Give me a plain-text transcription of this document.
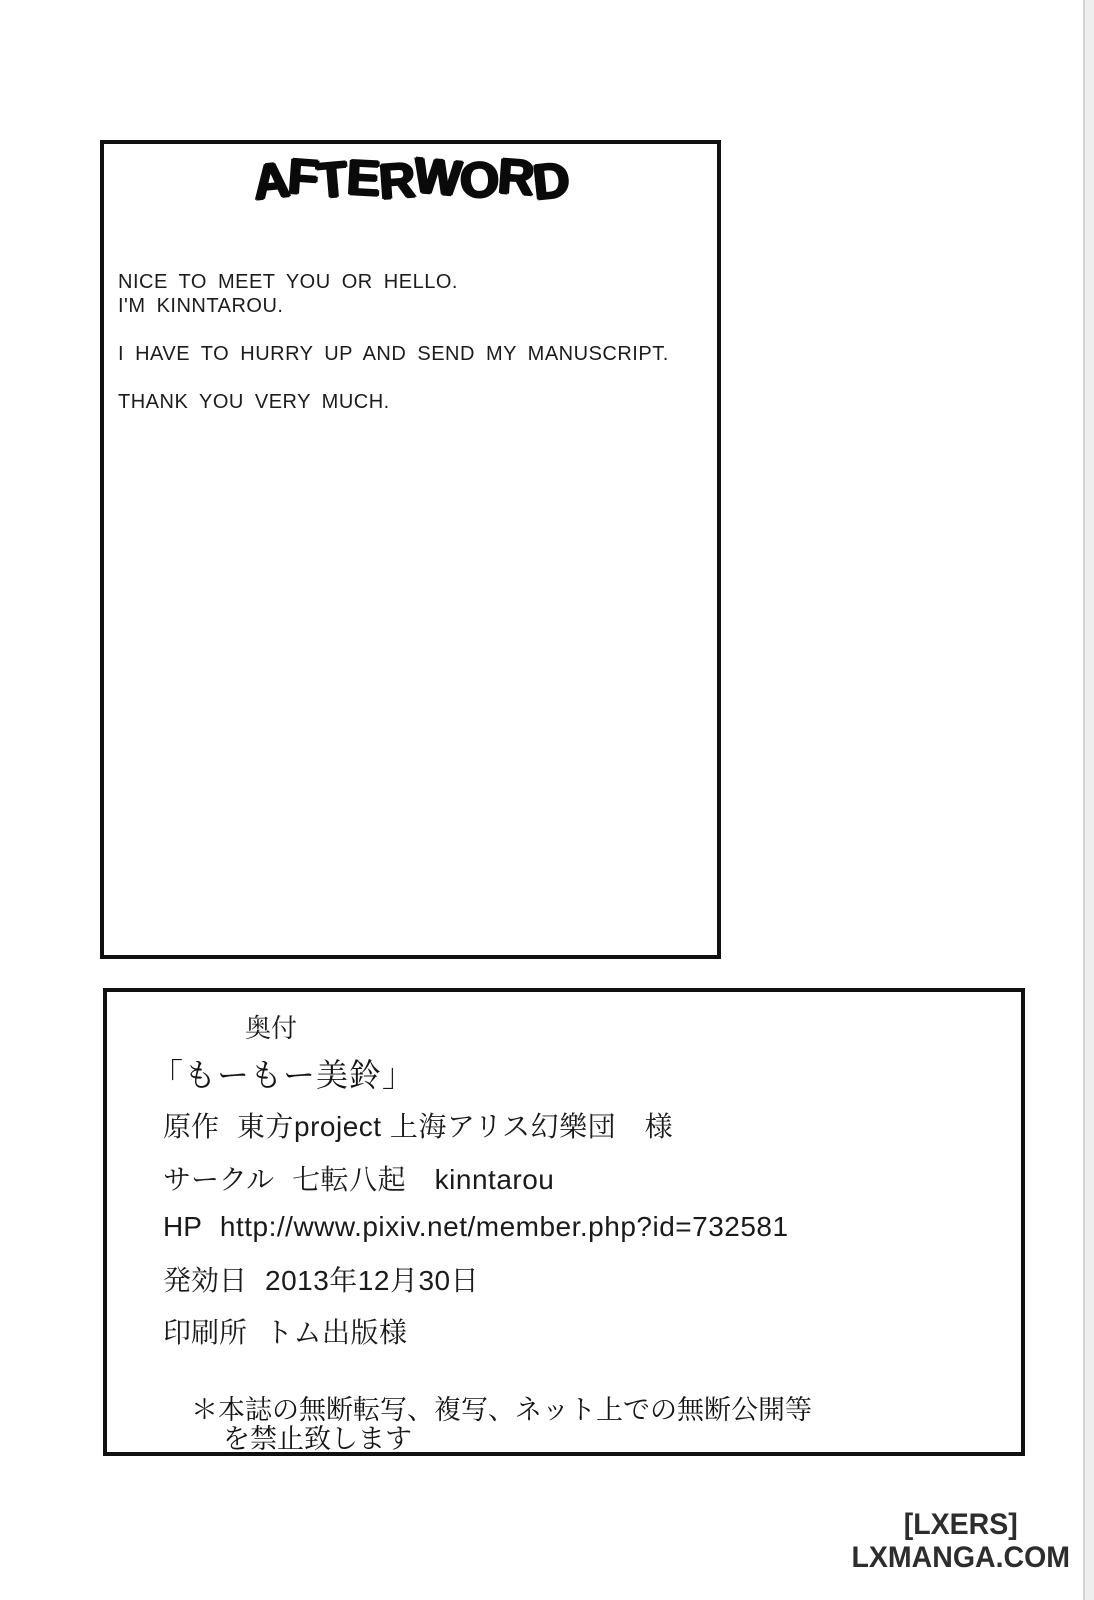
AFTERWORD

NICE TO MEET YOU OR HELLO.

I'M KINNTAROU.

I HAVE TO HURRY UP AND SEND MY MANUSCRIPT.

THANK YOU VERY MUCH.

奥付
「もーもー美鈴」
原作 東方project 上海アリス幻樂団　様
サークル 七転八起　kinntarou
HP http://www.pixiv.net/member.php?id=732581
発効日 2013年12月30日
印刷所 トム出版様
＊本誌の無断転写、複写、ネット上での無断公開等
を禁止致します
[LXERS]
LXMANGA.COM
